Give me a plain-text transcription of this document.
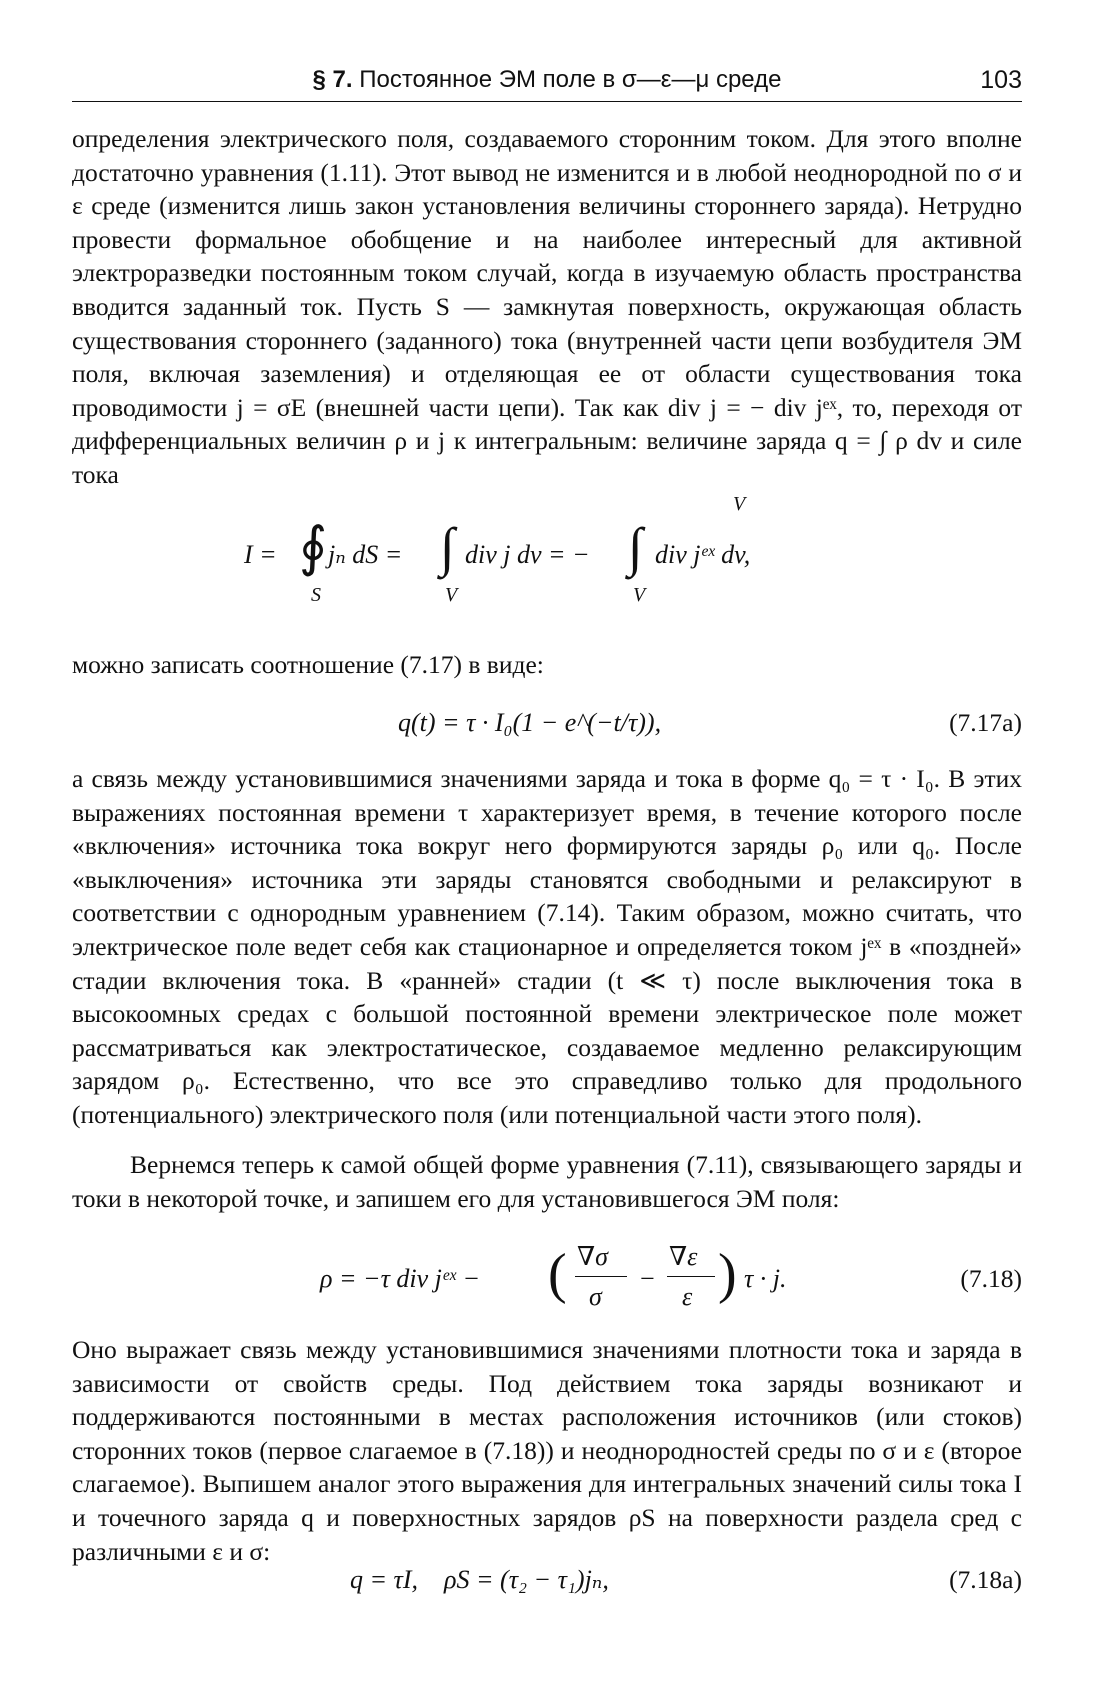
§ 7. Постоянное ЭМ поле в σ—ε—μ среде	103

определения электрического поля, создаваемого сторонним током. Для этого вполне достаточно уравнения (1.11). Этот вывод не изменится и в любой неоднородной по σ и ε среде (изменится лишь закон установления величины стороннего заряда). Нетрудно провести формальное обобщение и на наиболее интересный для активной электроразведки постоянным током случай, когда в изучаемую область пространства вводится заданный ток. Пусть S — замкнутая поверхность, окружающая область существования стороннего (заданного) тока (внутренней части цепи возбудителя ЭМ поля, включая заземления) и отделяющая ее от области существования тока проводимости j = σE (внешней части цепи). Так как div j = − div jᵉˣ, то, переходя от дифференциальных величин ρ и j к интегральным: величине заряда q = ∫ ρ dv и силе тока

V
I = ∮ jₙ dS =
S
∫ div j dv = −
V
∫ div jᵉˣ dv,
V

можно записать соотношение (7.17) в виде:

q(t) = τ · I₀(1 − e^(−t/τ)),	(7.17a)

а связь между установившимися значениями заряда и тока в форме q₀ = τ · I₀. В этих выражениях постоянная времени τ характеризует время, в течение которого после «включения» источника тока вокруг него формируются заряды ρ₀ или q₀. После «выключения» источника эти заряды становятся свободными и релаксируют в соответствии с однородным уравнением (7.14). Таким образом, можно считать, что электрическое поле ведет себя как стационарное и определяется током jᵉˣ в «поздней» стадии включения тока. В «ранней» стадии (t ≪ τ) после выключения тока в высокоомных средах с большой постоянной времени электрическое поле может рассматриваться как электростатическое, создаваемое медленно релаксирующим зарядом ρ₀. Естественно, что все это справедливо только для продольного (потенциального) электрического поля (или потенциальной части этого поля).

Вернемся теперь к самой общей форме уравнения (7.11), связывающего заряды и токи в некоторой точке, и запишем его для установившегося ЭМ поля:

ρ = −τ div jᵉˣ − ( ∇σ
σ
−
∇ε
ε ) τ · j.	(7.18)

Оно выражает связь между установившимися значениями плотности тока и заряда в зависимости от свойств среды. Под действием тока заряды возникают и поддерживаются постоянными в местах расположения источников (или стоков) сторонних токов (первое слагаемое в (7.18)) и неоднородностей среды по σ и ε (второе слагаемое). Выпишем аналог этого выражения для интегральных значений силы тока I и точечного заряда q и поверхностных зарядов ρS на поверхности раздела сред с различными ε и σ:

q = τI,    ρS = (τ₂ − τ₁)jₙ,	(7.18a)
